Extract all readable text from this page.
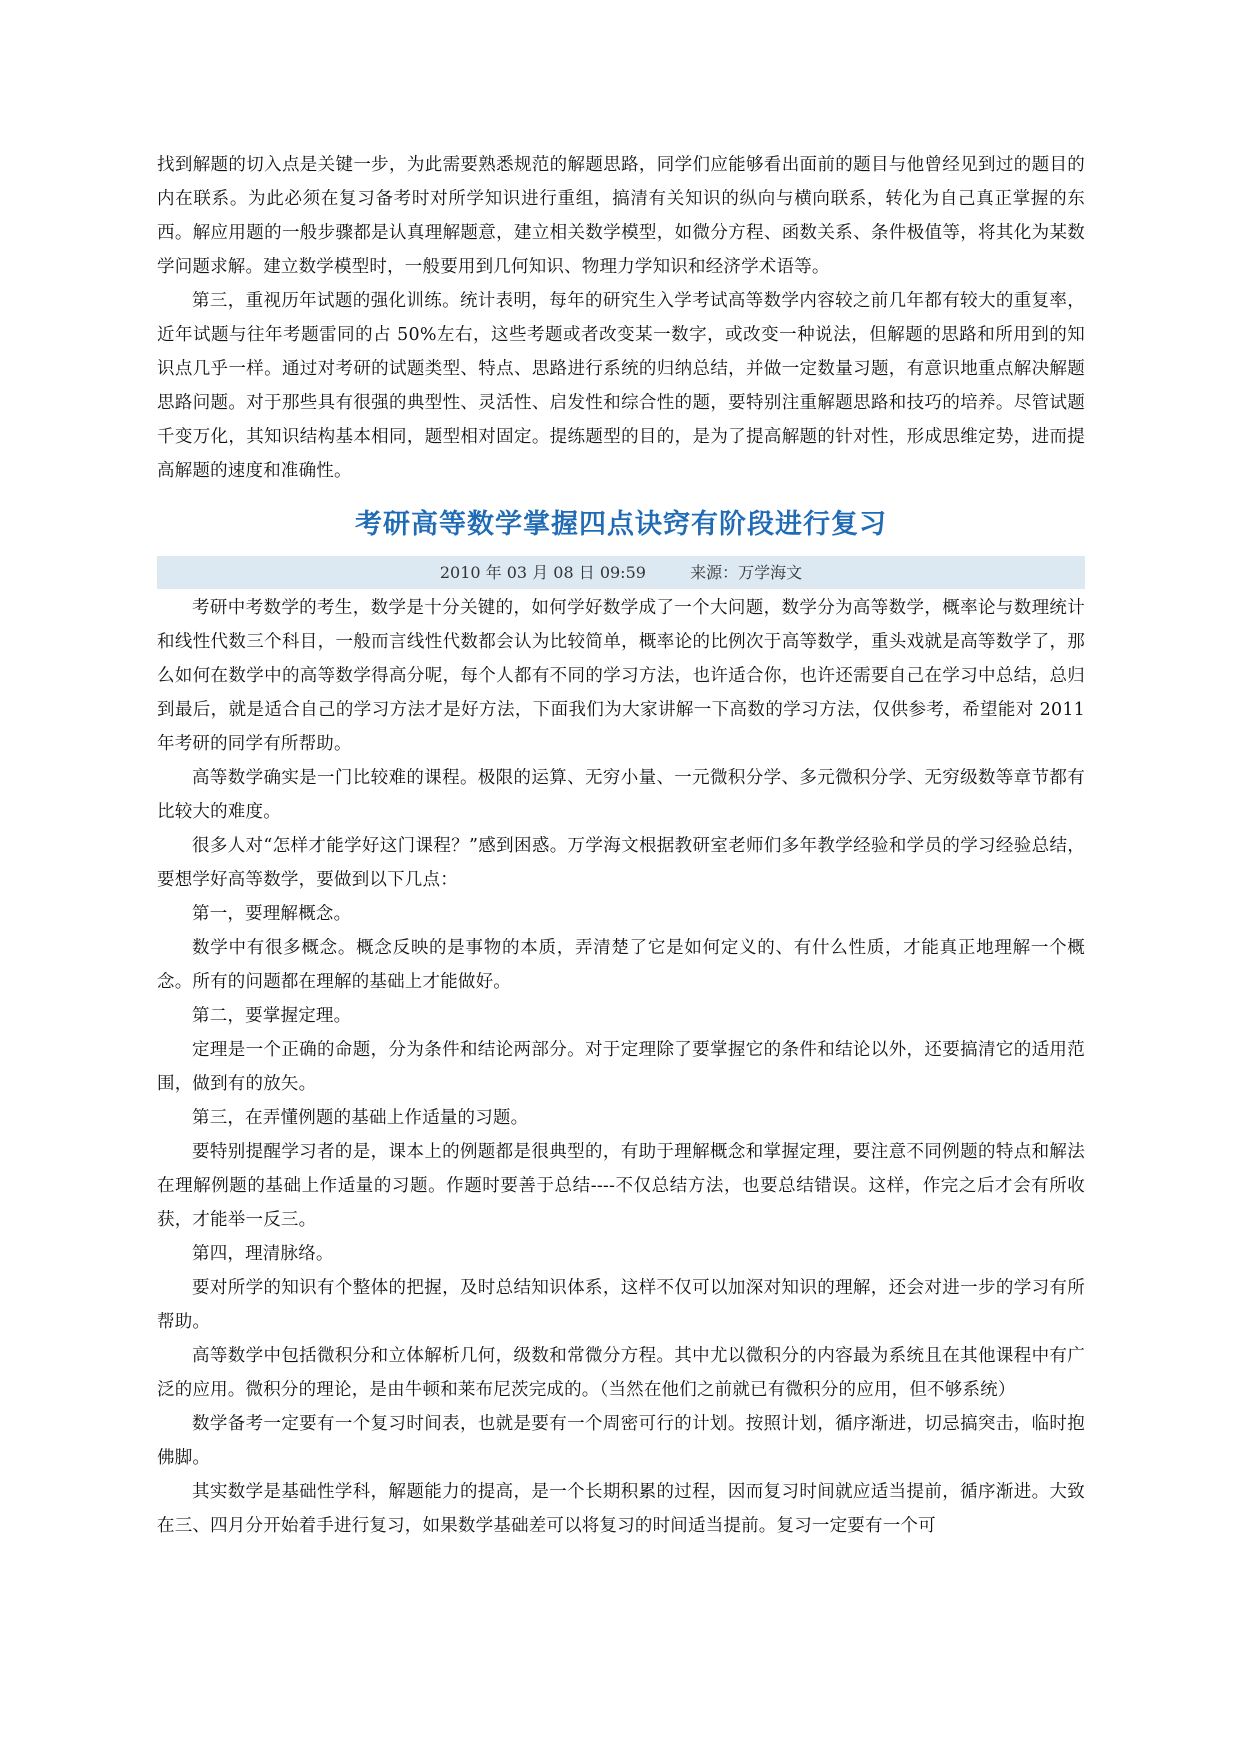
找到解题的切入点是关键一步，为此需要熟悉规范的解题思路，同学们应能够看出面前的题目与他曾经见到过的题目的内在联系。为此必须在复习备考时对所学知识进行重组，搞清有关知识的纵向与横向联系，转化为自己真正掌握的东西。解应用题的一般步骤都是认真理解题意，建立相关数学模型，如微分方程、函数关系、条件极值等，将其化为某数学问题求解。建立数学模型时，一般要用到几何知识、物理力学知识和经济学术语等。

第三，重视历年试题的强化训练。统计表明，每年的研究生入学考试高等数学内容较之前几年都有较大的重复率，近年试题与往年考题雷同的占 50%左右，这些考题或者改变某一数字，或改变一种说法，但解题的思路和所用到的知识点几乎一样。通过对考研的试题类型、特点、思路进行系统的归纳总结，并做一定数量习题，有意识地重点解决解题思路问题。对于那些具有很强的典型性、灵活性、启发性和综合性的题，要特别注重解题思路和技巧的培养。尽管试题千变万化，其知识结构基本相同，题型相对固定。提练题型的目的，是为了提高解题的针对性，形成思维定势，进而提高解题的速度和准确性。

考研高等数学掌握四点诀窍有阶段进行复习
2010 年 03 月 08 日 09:59	来源：万学海文

考研中考数学的考生，数学是十分关键的，如何学好数学成了一个大问题，数学分为高等数学，概率论与数理统计和线性代数三个科目，一般而言线性代数都会认为比较简单，概率论的比例次于高等数学，重头戏就是高等数学了，那么如何在数学中的高等数学得高分呢，每个人都有不同的学习方法，也许适合你，也许还需要自己在学习中总结，总归到最后，就是适合自己的学习方法才是好方法，下面我们为大家讲解一下高数的学习方法，仅供参考，希望能对 2011 年考研的同学有所帮助。

高等数学确实是一门比较难的课程。极限的运算、无穷小量、一元微积分学、多元微积分学、无穷级数等章节都有比较大的难度。

很多人对“怎样才能学好这门课程？”感到困惑。万学海文根据教研室老师们多年教学经验和学员的学习经验总结，要想学好高等数学，要做到以下几点：

第一，要理解概念。

数学中有很多概念。概念反映的是事物的本质，弄清楚了它是如何定义的、有什么性质，才能真正地理解一个概念。所有的问题都在理解的基础上才能做好。

第二，要掌握定理。

定理是一个正确的命题，分为条件和结论两部分。对于定理除了要掌握它的条件和结论以外，还要搞清它的适用范围，做到有的放矢。

第三，在弄懂例题的基础上作适量的习题。

要特别提醒学习者的是，课本上的例题都是很典型的，有助于理解概念和掌握定理，要注意不同例题的特点和解法在理解例题的基础上作适量的习题。作题时要善于总结----不仅总结方法，也要总结错误。这样，作完之后才会有所收获，才能举一反三。

第四，理清脉络。

要对所学的知识有个整体的把握，及时总结知识体系，这样不仅可以加深对知识的理解，还会对进一步的学习有所帮助。

高等数学中包括微积分和立体解析几何，级数和常微分方程。其中尤以微积分的内容最为系统且在其他课程中有广泛的应用。微积分的理论，是由牛顿和莱布尼茨完成的。（当然在他们之前就已有微积分的应用，但不够系统）

数学备考一定要有一个复习时间表，也就是要有一个周密可行的计划。按照计划，循序渐进，切忌搞突击，临时抱佛脚。

其实数学是基础性学科，解题能力的提高，是一个长期积累的过程，因而复习时间就应适当提前，循序渐进。大致在三、四月分开始着手进行复习，如果数学基础差可以将复习的时间适当提前。复习一定要有一个可
